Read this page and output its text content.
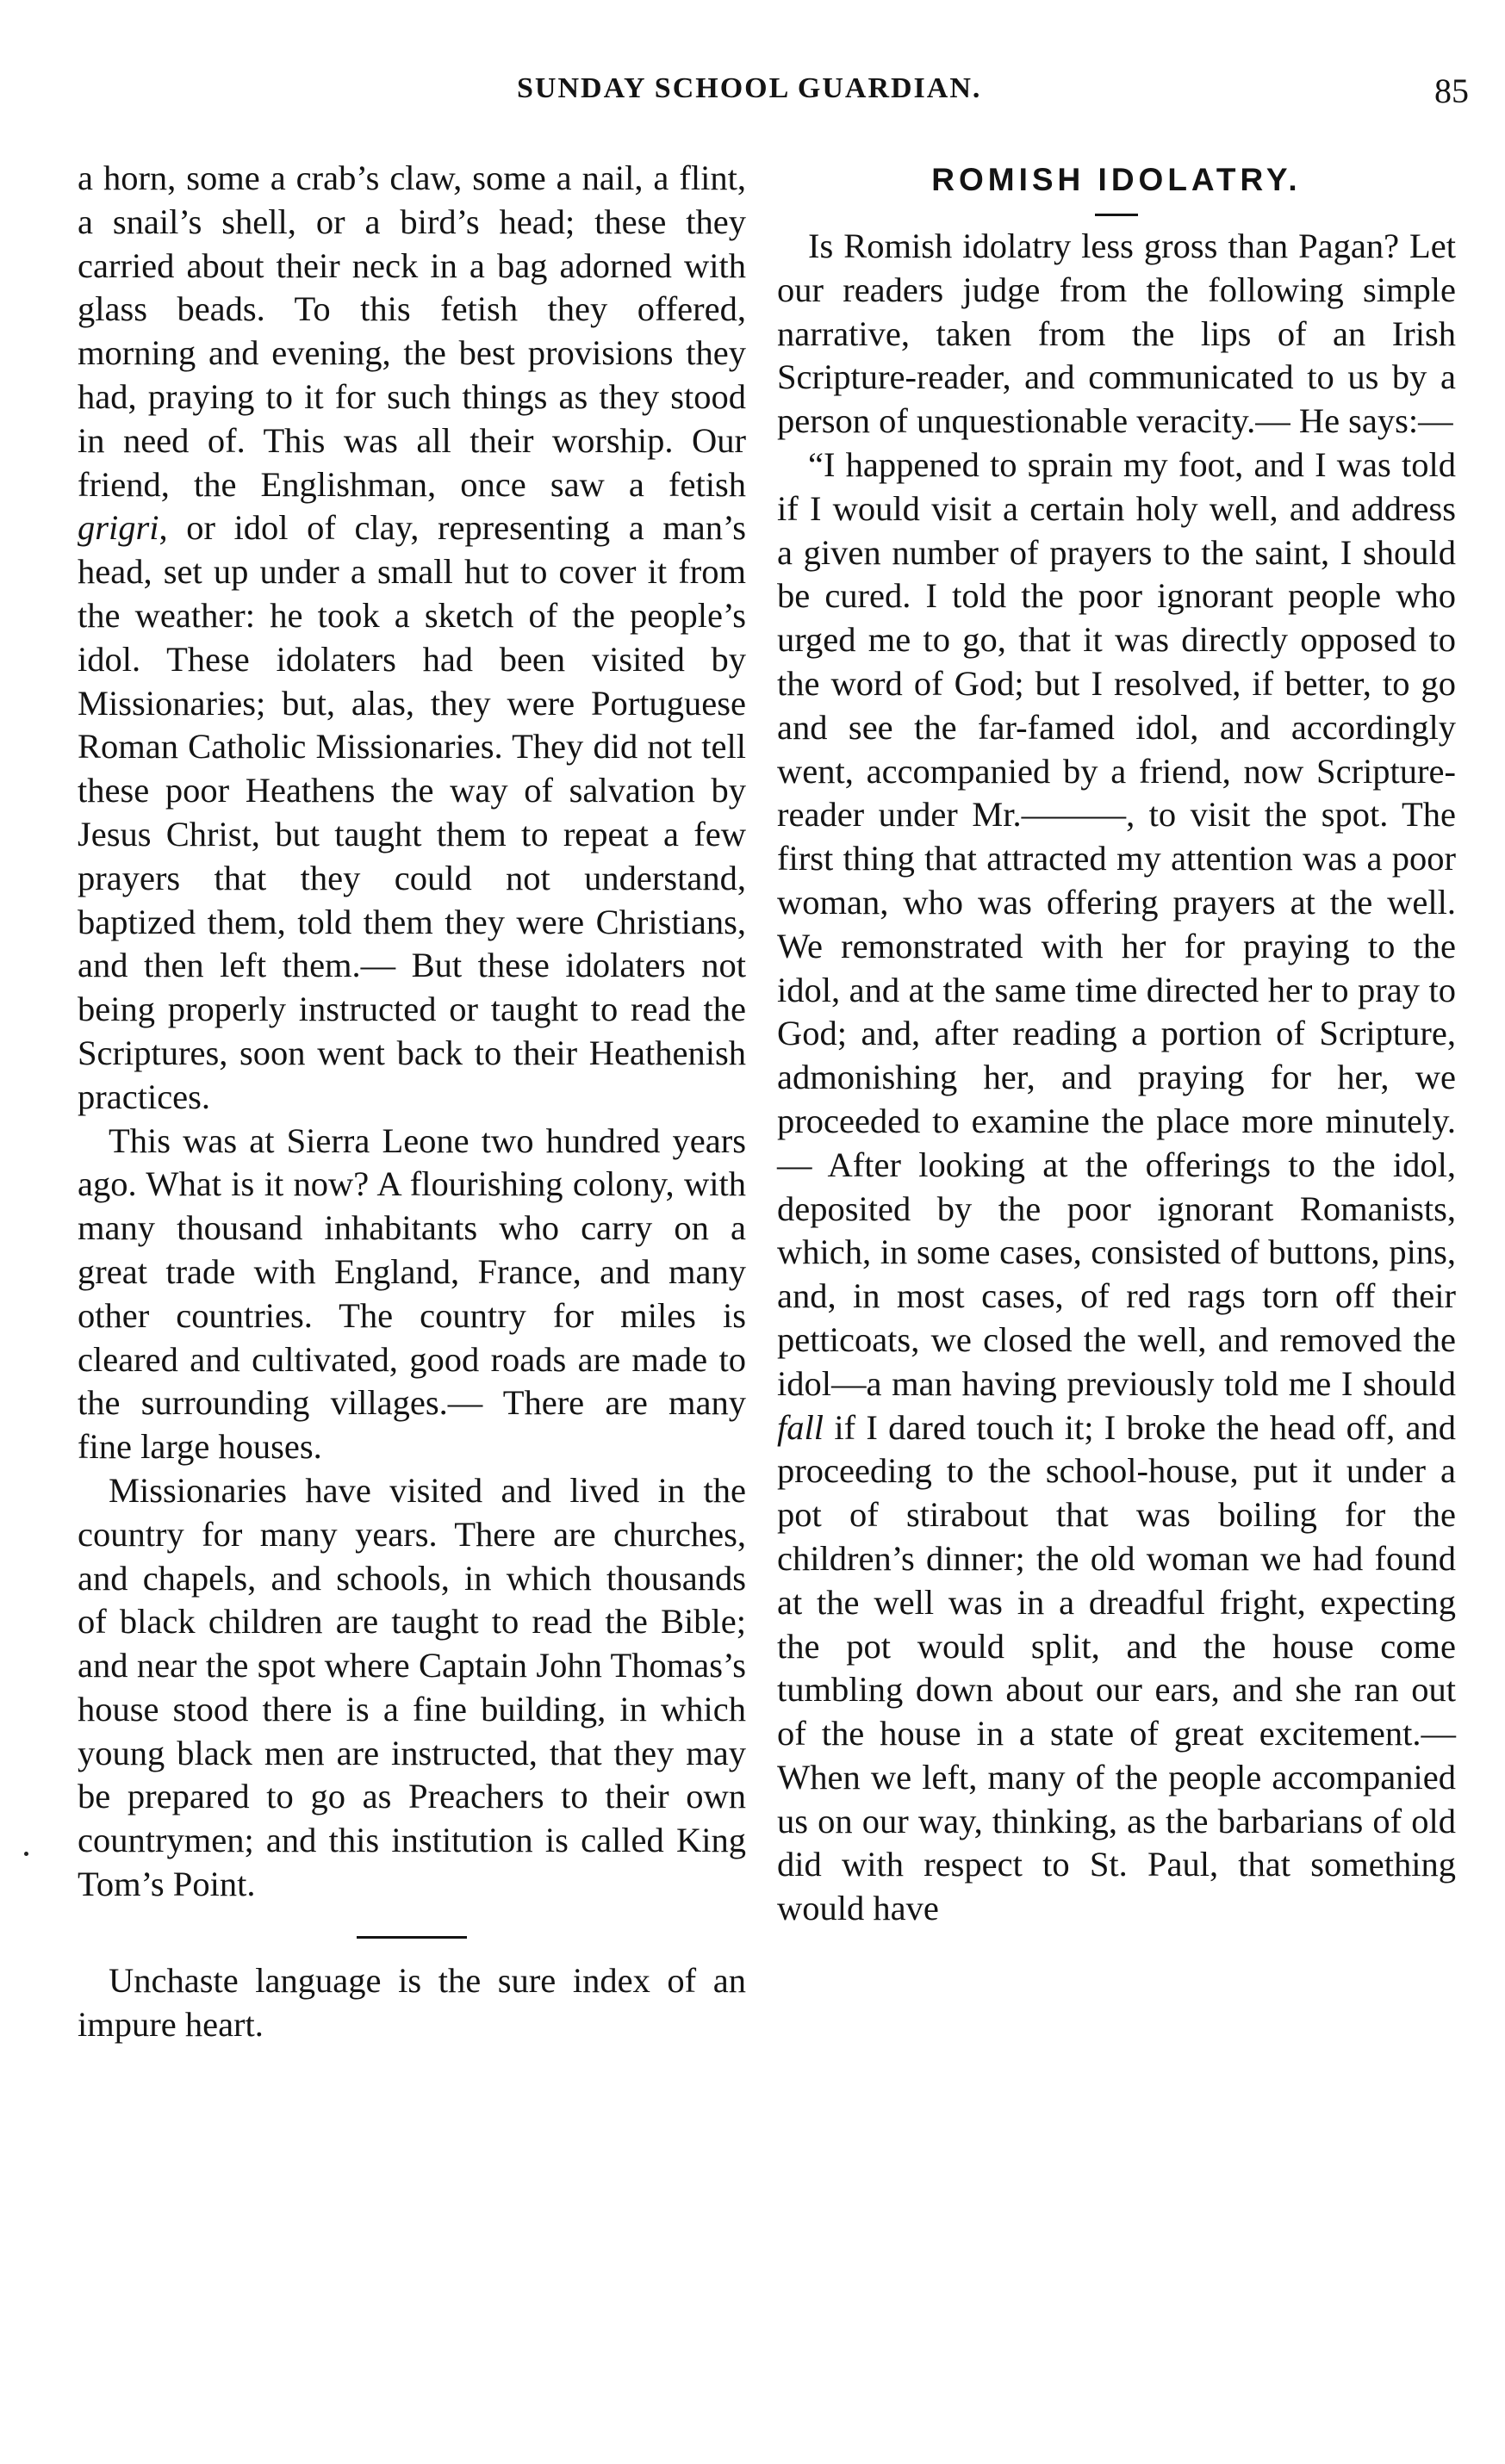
SUNDAY SCHOOL GUARDIAN.	85

a horn, some a crab’s claw, some a nail, a flint, a snail’s shell, or a bird’s head; these they carried about their neck in a bag adorned with glass beads. To this fetish they offered, morning and evening, the best provisions they had, praying to it for such things as they stood in need of. This was all their worship. Our friend, the Englishman, once saw a fetish grigri, or idol of clay, representing a man’s head, set up under a small hut to cover it from the weather: he took a sketch of the people’s idol. These idolaters had been visited by Missionaries; but, alas, they were Portuguese Roman Catholic Missionaries. They did not tell these poor Heathens the way of salvation by Jesus Christ, but taught them to repeat a few prayers that they could not understand, baptized them, told them they were Christians, and then left them.— But these idolaters not being properly instructed or taught to read the Scriptures, soon went back to their Heathenish practices.

This was at Sierra Leone two hundred years ago. What is it now? A flourishing colony, with many thousand inhabitants who carry on a great trade with England, France, and many other countries. The country for miles is cleared and cultivated, good roads are made to the surrounding villages.— There are many fine large houses.

Missionaries have visited and lived in the country for many years. There are churches, and chapels, and schools, in which thousands of black children are taught to read the Bible; and near the spot where Captain John Thomas’s house stood there is a fine building, in which young black men are instructed, that they may be prepared to go as Preachers to their own countrymen; and this institution is called King Tom’s Point.

Unchaste language is the sure index of an impure heart.

ROMISH IDOLATRY.

Is Romish idolatry less gross than Pagan? Let our readers judge from the following simple narrative, taken from the lips of an Irish Scripture-reader, and communicated to us by a person of unquestionable veracity.— He says:—

“I happened to sprain my foot, and I was told if I would visit a certain holy well, and address a given number of prayers to the saint, I should be cured. I told the poor ignorant people who urged me to go, that it was directly opposed to the word of God; but I resolved, if better, to go and see the far-famed idol, and accordingly went, accompanied by a friend, now Scripture-reader under Mr.———, to visit the spot. The first thing that attracted my attention was a poor woman, who was offering prayers at the well. We remonstrated with her for praying to the idol, and at the same time directed her to pray to God; and, after reading a portion of Scripture, admonishing her, and praying for her, we proceeded to examine the place more minutely.— After looking at the offerings to the idol, deposited by the poor ignorant Romanists, which, in some cases, consisted of buttons, pins, and, in most cases, of red rags torn off their petticoats, we closed the well, and removed the idol—a man having previously told me I should fall if I dared touch it; I broke the head off, and proceeding to the school-house, put it under a pot of stirabout that was boiling for the children’s dinner; the old woman we had found at the well was in a dreadful fright, expecting the pot would split, and the house come tumbling down about our ears, and she ran out of the house in a state of great excitement.— When we left, many of the people accompanied us on our way, thinking, as the barbarians of old did with respect to St. Paul, that something would have
